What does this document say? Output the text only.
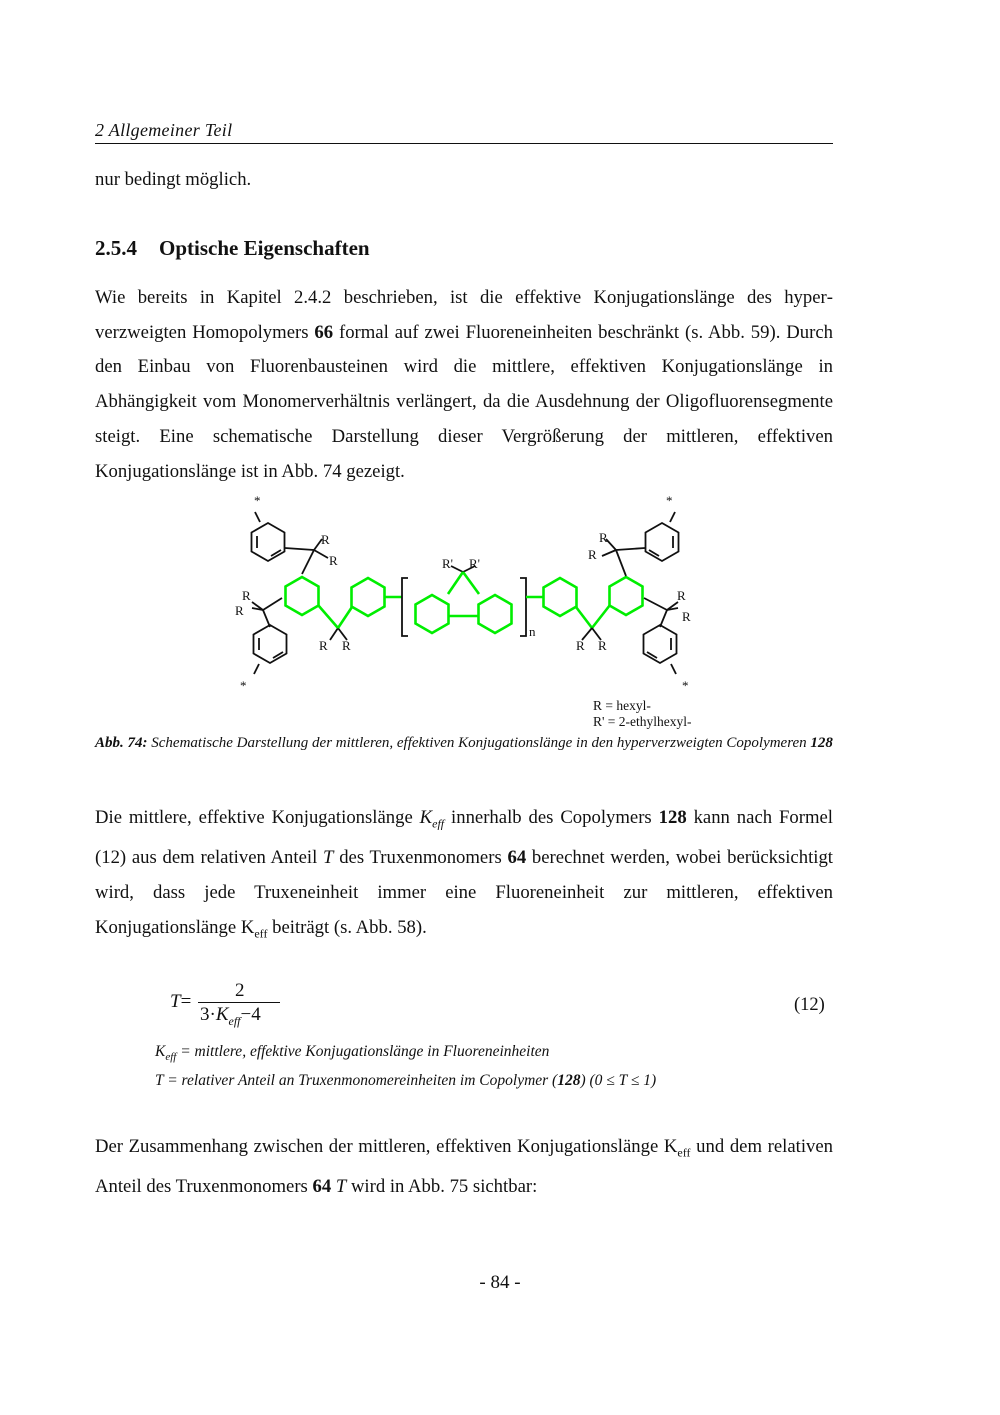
2 Allgemeiner Teil

nur bedingt möglich.

2.5.4 Optische Eigenschaften

Wie bereits in Kapitel 2.4.2 beschrieben, ist die effektive Konjugationslänge des hyperverzweigten Homopolymers 66 formal auf zwei Fluoreneinheiten beschränkt (s. Abb. 59). Durch den Einbau von Fluorenbausteinen wird die mittlere, effektiven Konjugationslänge in Abhängigkeit vom Monomerverhältnis verlängert, da die Ausdehnung der Oligofluorensegmente steigt. Eine schematische Darstellung dieser Vergrößerung der mittleren, effektiven Konjugationslänge ist in Abb. 74 gezeigt.

*
*
*
*
R
R
R
R
R R
R' R'
n
R R
R
R
R
R
R = hexyl-
R' = 2-ethylhexyl-
Abb. 74: Schematische Darstellung der mittleren, effektiven Konjugationslänge in den hyperverzweigten Copolymeren 128

Die mittlere, effektive Konjugationslänge $K_{eff}$ innerhalb des Copolymers 128 kann nach Formel (12) aus dem relativen Anteil T des Truxenmonomers 64 berechnet werden, wobei berücksichtigt wird, dass jede Truxeneinheit immer eine Fluoreneinheit zur mittleren, effektiven Konjugationslänge $K_{eff}$ beiträgt (s. Abb. 58).

T=
2
$3\cdot K_{eff}-4$	(12)
$K_{eff}$ = mittlere, effektive Konjugationslänge in Fluoreneinheiten
T = relativer Anteil an Truxenmonomereinheiten im Copolymer (128) (0 ≤ T ≤ 1)

Der Zusammenhang zwischen der mittleren, effektiven Konjugationslänge $K_{eff}$ und dem relativen Anteil des Truxenmonomers 64 T wird in Abb. 75 sichtbar:

- 84 -
